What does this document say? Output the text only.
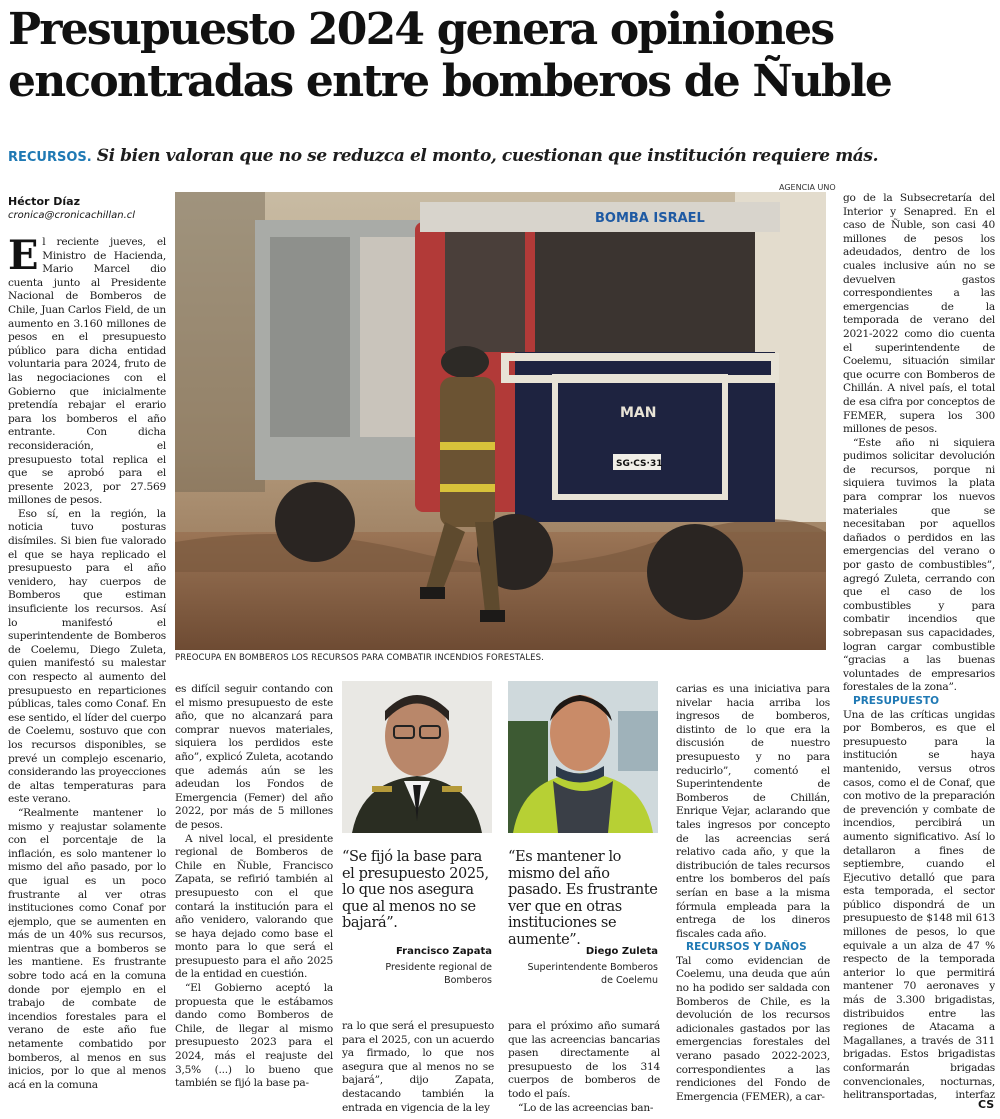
Presupuesto 2024 genera opiniones encontradas entre bomberos de Ñuble
RECURSOS. Si bien valoran que no se reduzca el monto, cuestionan que institución requiere más.
Héctor Díaz
cronica@cronicachillan.cl
AGENCIA UNO
BOMBA ISRAEL
MAN
SG·CS·31
PREOCUPA EN BOMBEROS LOS RECURSOS PARA COMBATIR INCENDIOS FORESTALES.

El reciente jueves, el Ministro de Hacienda, Mario Marcel dio cuenta junto al Presidente Nacional de Bomberos de Chile, Juan Carlos Field, de un aumento en 3.160 millones de pesos en el presupuesto público para dicha entidad voluntaria para 2024, fruto de las negociaciones con el Gobierno que inicialmente pretendía rebajar el erario para los bomberos el año entrante. Con dicha reconsideración, el presupuesto total replica el que se aprobó para el presente 2023, por 27.569 millones de pesos.

Eso sí, en la región, la noticia tuvo posturas disímiles. Si bien fue valorado el que se haya replicado el presupuesto para el año venidero, hay cuerpos de Bomberos que estiman insuficiente los recursos. Así lo manifestó el superintendente de Bomberos de Coelemu, Diego Zuleta, quien manifestó su malestar con respecto al aumento del presupuesto en reparticiones públicas, tales como Conaf. En ese sentido, el líder del cuerpo de Coelemu, sostuvo que con los recursos disponibles, se prevé un complejo escenario, considerando las proyecciones de altas temperaturas para este verano.

“Realmente mantener lo mismo y reajustar solamente con el porcentaje de la inflación, es solo mantener lo mismo del año pasado, por lo que igual es un poco frustrante al ver otras instituciones como Conaf por ejemplo, que se aumenten en más de un 40% sus recursos, mientras que a bomberos se les mantiene. Es frustrante sobre todo acá en la comuna donde por ejemplo en el trabajo de combate de incendios forestales para el verano de este año fue netamente combatido por bomberos, al menos en sus inicios, por lo que al menos acá en la comuna

es difícil seguir contando con el mismo presupuesto de este año, que no alcanzará para comprar nuevos materiales, siquiera los perdidos este año”, explicó Zuleta, acotando que además aún se les adeudan los Fondos de Emergencia (Femer) del año 2022, por más de 5 millones de pesos.

A nivel local, el presidente regional de Bomberos de Chile en Ñuble, Francisco Zapata, se refirió también al presupuesto con el que contará la institución para el año venidero, valorando que se haya dejado como base el monto para lo que será el presupuesto para el año 2025 de la entidad en cuestión.

“El Gobierno aceptó la propuesta que le estábamos dando como Bomberos de Chile, de llegar al mismo presupuesto 2023 para el 2024, más el reajuste del 3,5% (...) lo bueno que también se fijó la base pa-

“Se fijó la base para el presupuesto 2025, lo que nos asegura que al menos no se bajará”.
Francisco Zapata
Presidente regional de Bomberos
“Es mantener lo mismo del año pasado. Es frustrante ver que en otras instituciones se aumente”.
Diego Zuleta
Superintendente Bomberos de Coelemu

ra lo que será el presupuesto para el 2025, con un acuerdo ya firmado, lo que nos asegura que al menos no se bajará”, dijo Zapata, destacando también la entrada en vigencia de la ley

para el próximo año sumará que las acreencias bancarias pasen directamente al presupuesto de los 314 cuerpos de bomberos de todo el país.

“Lo de las acreencias ban-

carias es una iniciativa para nivelar hacia arriba los ingresos de bomberos, distinto de lo que era la discusión de nuestro presupuesto y no para reducirlo”, comentó el Superintendente de Bomberos de Chillán, Enrique Vejar, aclarando que tales ingresos por concepto de las acreencias será relativo cada año, y que la distribución de tales recursos entre los bomberos del país serían en base a la misma fórmula empleada para la entrega de los dineros fiscales cada año.

RECURSOS Y DAÑOS

Tal como evidencian de Coelemu, una deuda que aún no ha podido ser saldada con Bomberos de Chile, es la devolución de los recursos adicionales gastados por las emergencias forestales del verano pasado 2022-2023, correspondientes a las rendiciones del Fondo de Emergencia (FEMER), a car-

go de la Subsecretaría del Interior y Senapred. En el caso de Ñuble, son casi 40 millones de pesos los adeudados, dentro de los cuales inclusive aún no se devuelven gastos correspondientes a las emergencias de la temporada de verano del 2021-2022 como dio cuenta el superintendente de Coelemu, situación similar que ocurre con Bomberos de Chillán. A nivel país, el total de esa cifra por conceptos de FEMER, supera los 300 millones de pesos.

“Este año ni siquiera pudimos solicitar devolución de recursos, porque ni siquiera tuvimos la plata para comprar los nuevos materiales que se necesitaban por aquellos dañados o perdidos en las emergencias del verano o por gasto de combustibles”, agregó Zuleta, cerrando con que el caso de los combustibles y para combatir incendios que sobrepasan sus capacidades, logran cargar combustible “gracias a las buenas voluntades de empresarios forestales de la zona”.

PRESUPUESTO

Una de las críticas ungidas por Bomberos, es que el presupuesto para la institución se haya mantenido, versus otros casos, como el de Conaf, que con motivo de la preparación de prevención y combate de incendios, percibirá un aumento significativo. Así lo detallaron a fines de septiembre, cuando el Ejecutivo detalló que para esta temporada, el sector público dispondrá de un presupuesto de $148 mil 613 millones de pesos, lo que equivale a un alza de 47 % respecto de la temporada anterior lo que permitirá mantener 70 aeronaves y más de 3.300 brigadistas, distribuidos entre las regiones de Atacama a Magallanes, a través de 311 brigadas. Estos brigadistas conformarán brigadas convencionales, nocturnas, helitransportadas, interfaz

CS
